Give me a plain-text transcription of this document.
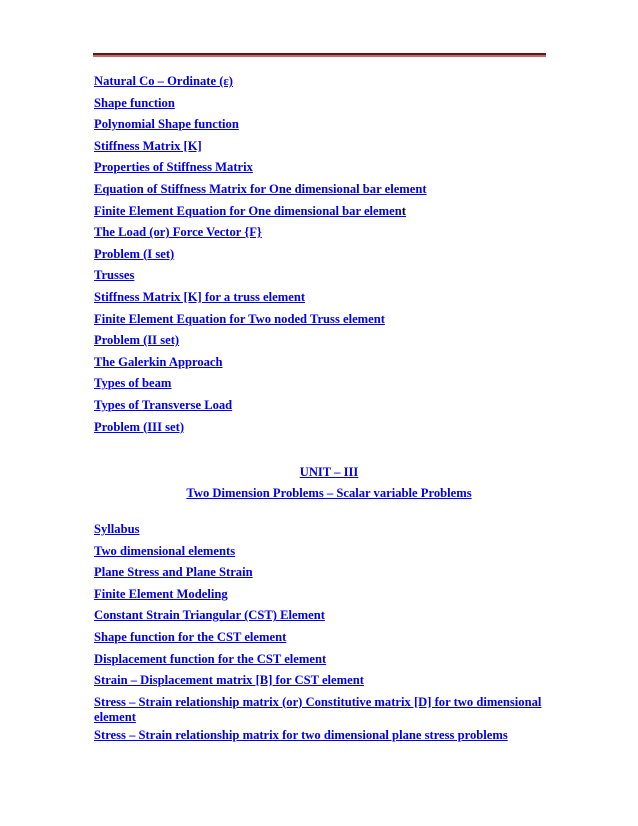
Natural Co – Ordinate (ε)
Shape function
Polynomial Shape function
Stiffness Matrix [K]
Properties of Stiffness Matrix
Equation of Stiffness Matrix for One dimensional bar element
Finite Element Equation for One dimensional bar element
The Load (or) Force Vector {F}
Problem (I set)
Trusses
Stiffness Matrix [K] for a truss element
Finite Element Equation for Two noded Truss element
Problem (II set)
The Galerkin Approach
Types of beam
Types of Transverse Load
Problem (III set)
UNIT – III
Two Dimension Problems – Scalar variable Problems
Syllabus
Two dimensional elements
Plane Stress and Plane Strain
Finite Element Modeling
Constant Strain Triangular (CST) Element
Shape function for the CST element
Displacement function for the CST element
Strain – Displacement matrix [B] for CST element
Stress – Strain relationship matrix (or) Constitutive matrix [D] for two dimensional element
Stress – Strain relationship matrix for two dimensional plane stress problems
